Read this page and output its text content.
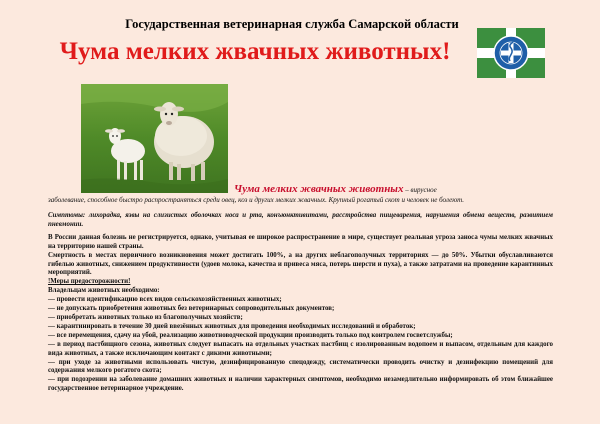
Государственная ветеринарная служба Самарской области
Чума мелких жвачных животных!
Чума мелких жвачных животных – вирусное
заболевание, способное быстро распространяться среди овец, коз и других мелких жвачных. Крупный рогатый скот и человек не болеют.

Симптомы: лихорадка, язвы на слизистых оболочках носа и рта, конъюнктивитами, расстройства пищеварения, нарушения обмена веществ, развитием пневмонии.

В России данная болезнь не регистрируется, однако, учитывая ее широкое распространение в мире, существует реальная угроза заноса чумы мелких жвачных на территорию нашей страны.

Смертность в местах первичного возникновения может достигать 100%, а на других неблагополучных территориях — до 50%. Убытки обуславливаются гибелью животных, снижением продуктивности (удоев молока, качества и привеса мяса, потерь шерсти и пуха), а также затратами на проведение карантинных мероприятий.

!Меры предосторожности!

Владельцам животных необходимо:

— провести идентификацию всех видов сельскохозяйственных животных;

— не допускать приобретения животных без ветеринарных сопроводительных документов;

— приобретать животных только из благополучных хозяйств;

— карантинировать в течение 30 дней ввезённых животных для проведения необходимых исследований и обработок;

— все перемещения, сдачу на убой, реализацию животноводческой продукции производить только под контролем госветслужбы;

— в период пастбищного сезона, животных следует выпасать на отдельных участках пастбищ с изолированным водопоем и выпасом, отдельным для каждого вида животных, а также исключающим контакт с дикими животными;

— при уходе за животными использовать чистую, дезинфицированную спецодежду, систематически проводить очистку и дезинфекцию помещений для содержания мелкого рогатого скота;

— при подозрении на заболевание домашних животных и наличии характерных симптомов, необходимо незамедлительно информировать об этом ближайшее государственное ветеринарное учреждение.
